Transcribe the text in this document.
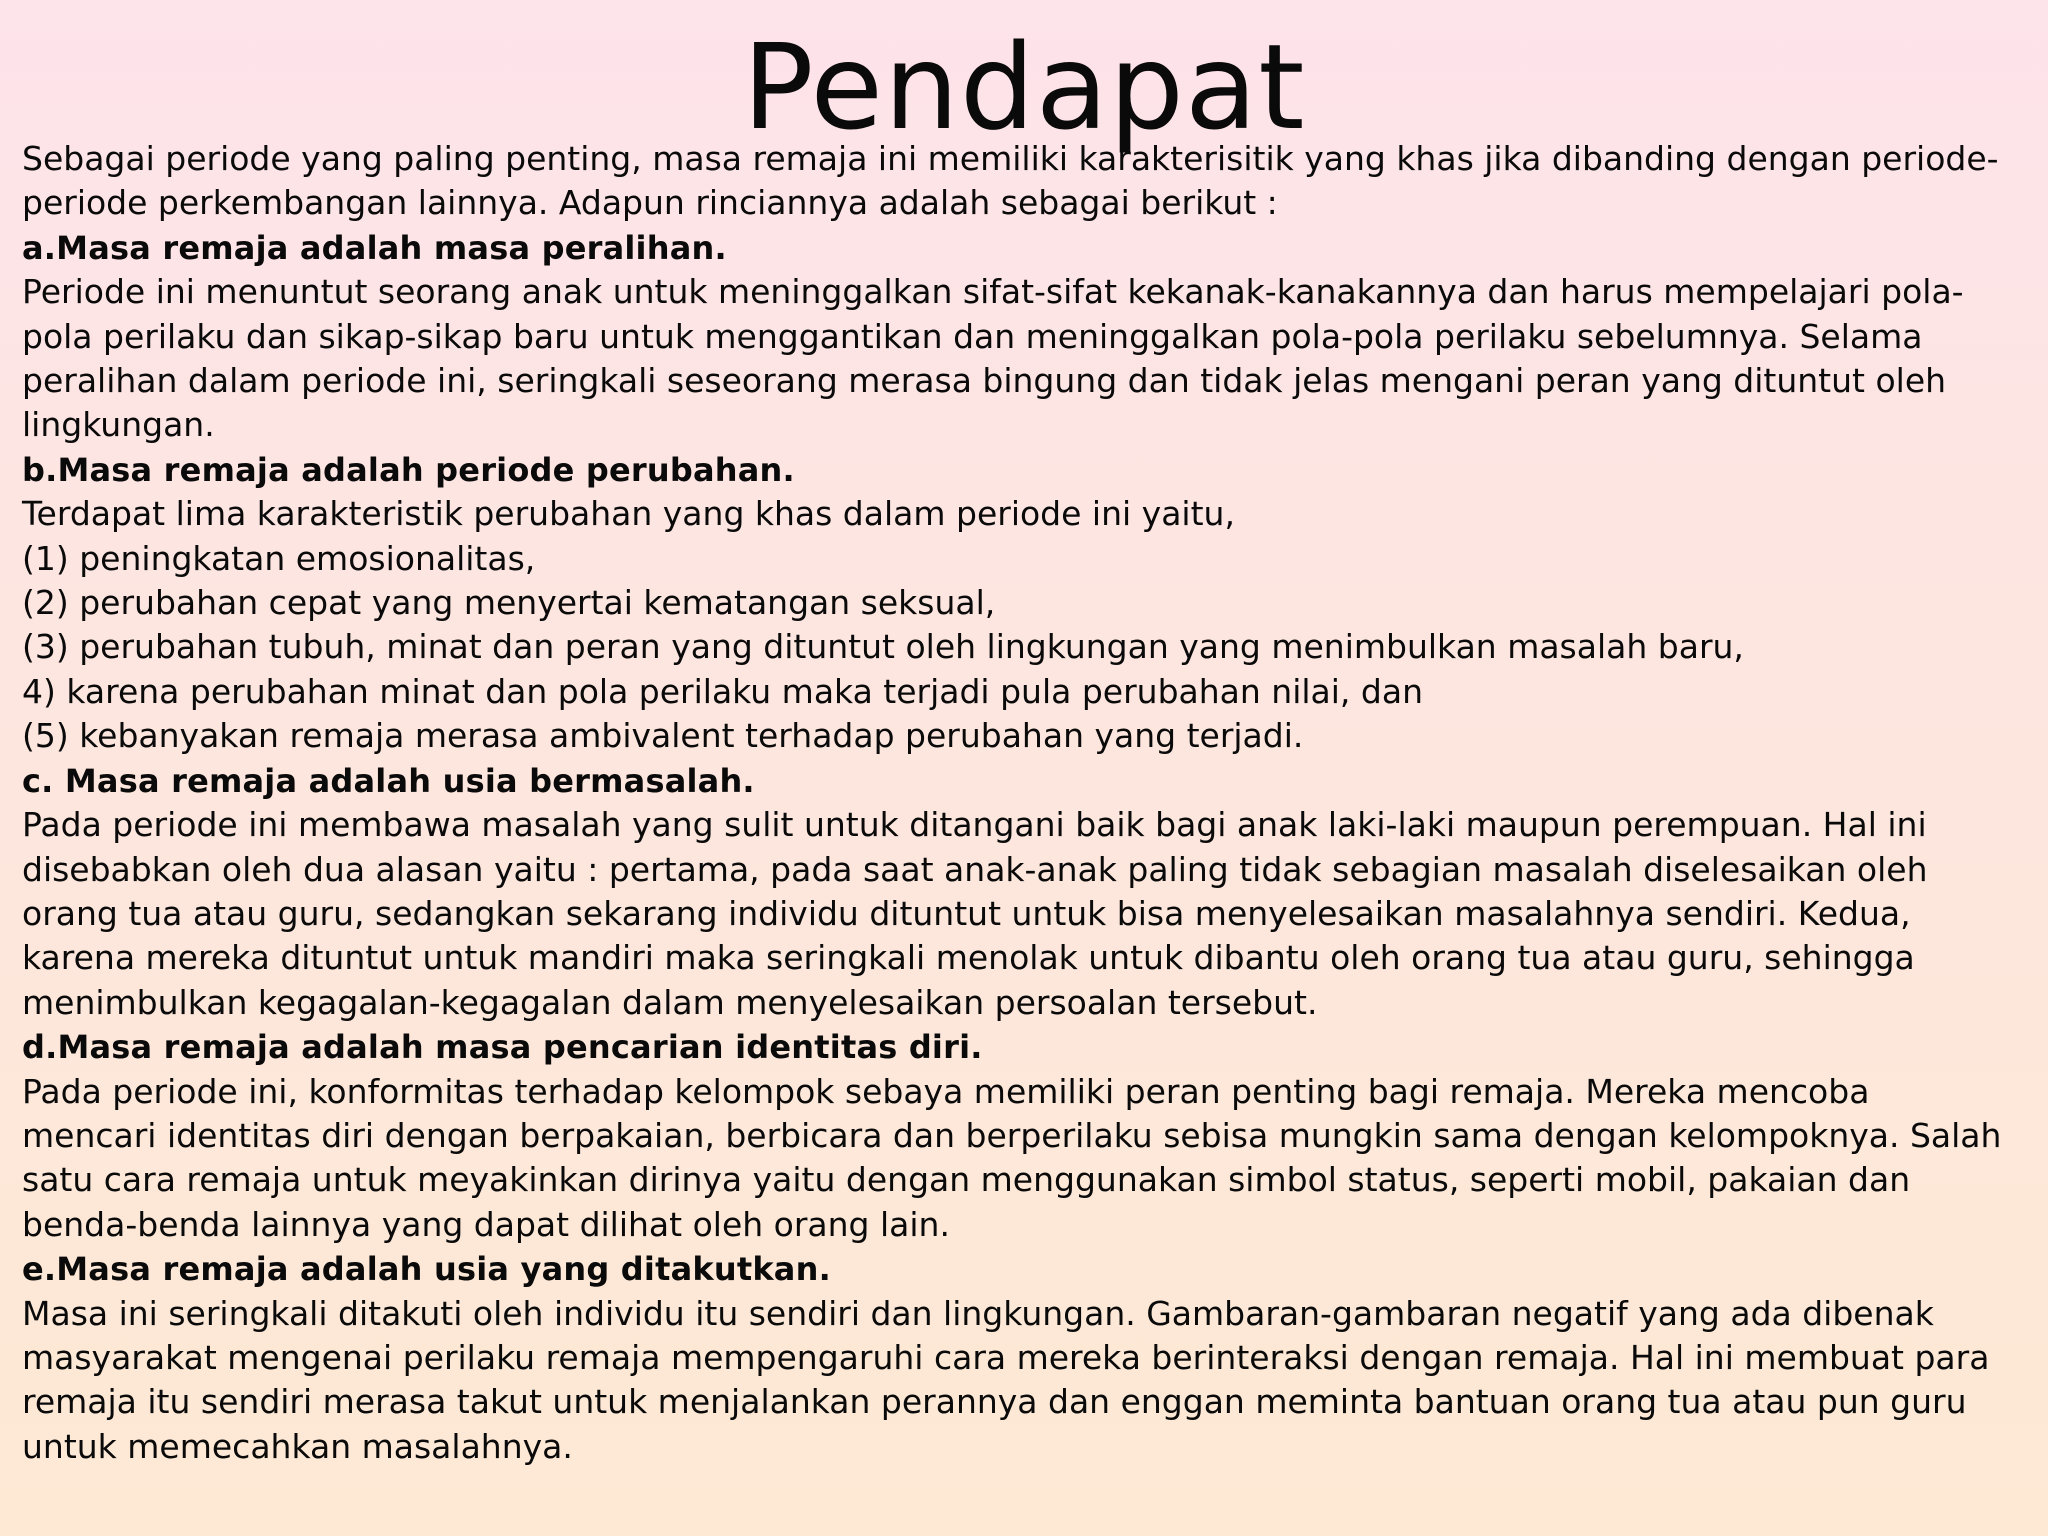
Pendapat

Sebagai periode yang paling penting, masa remaja ini memiliki karakterisitik yang khas jika dibanding dengan periode-

periode perkembangan lainnya. Adapun rinciannya adalah sebagai berikut :

a.Masa remaja adalah masa peralihan.

Periode ini menuntut seorang anak untuk meninggalkan sifat-sifat kekanak-kanakannya dan harus mempelajari pola-

pola perilaku dan sikap-sikap baru untuk menggantikan dan meninggalkan pola-pola perilaku sebelumnya. Selama

peralihan dalam periode ini, seringkali seseorang merasa bingung dan tidak jelas mengani peran yang dituntut oleh

lingkungan.

b.Masa remaja adalah periode perubahan.

Terdapat lima karakteristik perubahan yang khas dalam periode ini yaitu,

(1) peningkatan emosionalitas,

(2) perubahan cepat yang menyertai kematangan seksual,

(3) perubahan tubuh, minat dan peran yang dituntut oleh lingkungan yang menimbulkan masalah baru,

4) karena perubahan minat dan pola perilaku maka terjadi pula perubahan nilai, dan

(5) kebanyakan remaja merasa ambivalent terhadap perubahan yang terjadi.

c. Masa remaja adalah usia bermasalah.

Pada periode ini membawa masalah yang sulit untuk ditangani baik bagi anak laki-laki maupun perempuan. Hal ini

disebabkan oleh dua alasan yaitu : pertama, pada saat anak-anak paling tidak sebagian masalah diselesaikan oleh

orang tua atau guru, sedangkan sekarang individu dituntut untuk bisa menyelesaikan masalahnya sendiri. Kedua,

karena mereka dituntut untuk mandiri maka seringkali menolak untuk dibantu oleh orang tua atau guru, sehingga

menimbulkan kegagalan-kegagalan dalam menyelesaikan persoalan tersebut.

d.Masa remaja adalah masa pencarian identitas diri.

Pada periode ini, konformitas terhadap kelompok sebaya memiliki peran penting bagi remaja. Mereka mencoba

mencari identitas diri dengan berpakaian, berbicara dan berperilaku sebisa mungkin sama dengan kelompoknya. Salah

satu cara remaja untuk meyakinkan dirinya yaitu dengan menggunakan simbol status, seperti mobil, pakaian dan

benda-benda lainnya yang dapat dilihat oleh orang lain.

e.Masa remaja adalah usia yang ditakutkan.

Masa ini seringkali ditakuti oleh individu itu sendiri dan lingkungan. Gambaran-gambaran negatif yang ada dibenak

masyarakat mengenai perilaku remaja mempengaruhi cara mereka berinteraksi dengan remaja. Hal ini membuat para

remaja itu sendiri merasa takut untuk menjalankan perannya dan enggan meminta bantuan orang tua atau pun guru

untuk memecahkan masalahnya.
